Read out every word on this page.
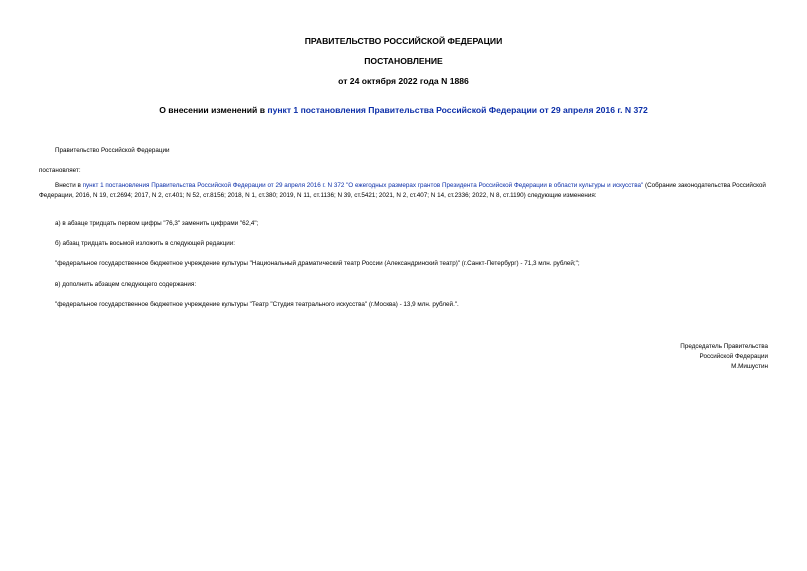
ПРАВИТЕЛЬСТВО РОССИЙСКОЙ ФЕДЕРАЦИИ
ПОСТАНОВЛЕНИЕ
от 24 октября 2022 года N 1886
О внесении изменений в пункт 1 постановления Правительства Российской Федерации от 29 апреля 2016 г. N 372
Правительство Российской Федерации
постановляет:

Внести в пункт 1 постановления Правительства Российской Федерации от 29 апреля 2016 г. N 372 "О ежегодных размерах грантов Президента Российской Федерации в области культуры и искусства" (Собрание законодательства Российской Федерации, 2016, N 19, ст.2694; 2017, N 2, ст.401; N 52, ст.8156; 2018, N 1, ст.380; 2019, N 11, ст.1136; N 39, ст.5421; 2021, N 2, ст.407; N 14, ст.2336; 2022, N 8, ст.1190) следующие изменения:

а) в абзаце тридцать первом цифры "76,3" заменить цифрами "62,4";
б) абзац тридцать восьмой изложить в следующей редакции:
"федеральное государственное бюджетное учреждение культуры "Национальный драматический театр России (Александринский театр)" (г.Санкт-Петербург) - 71,3 млн. рублей;";
в) дополнить абзацем следующего содержания:
"федеральное государственное бюджетное учреждение культуры "Театр "Студия театрального искусства" (г.Москва) - 13,9 млн. рублей.".
Председатель Правительства
Российской Федерации
М.Мишустин
